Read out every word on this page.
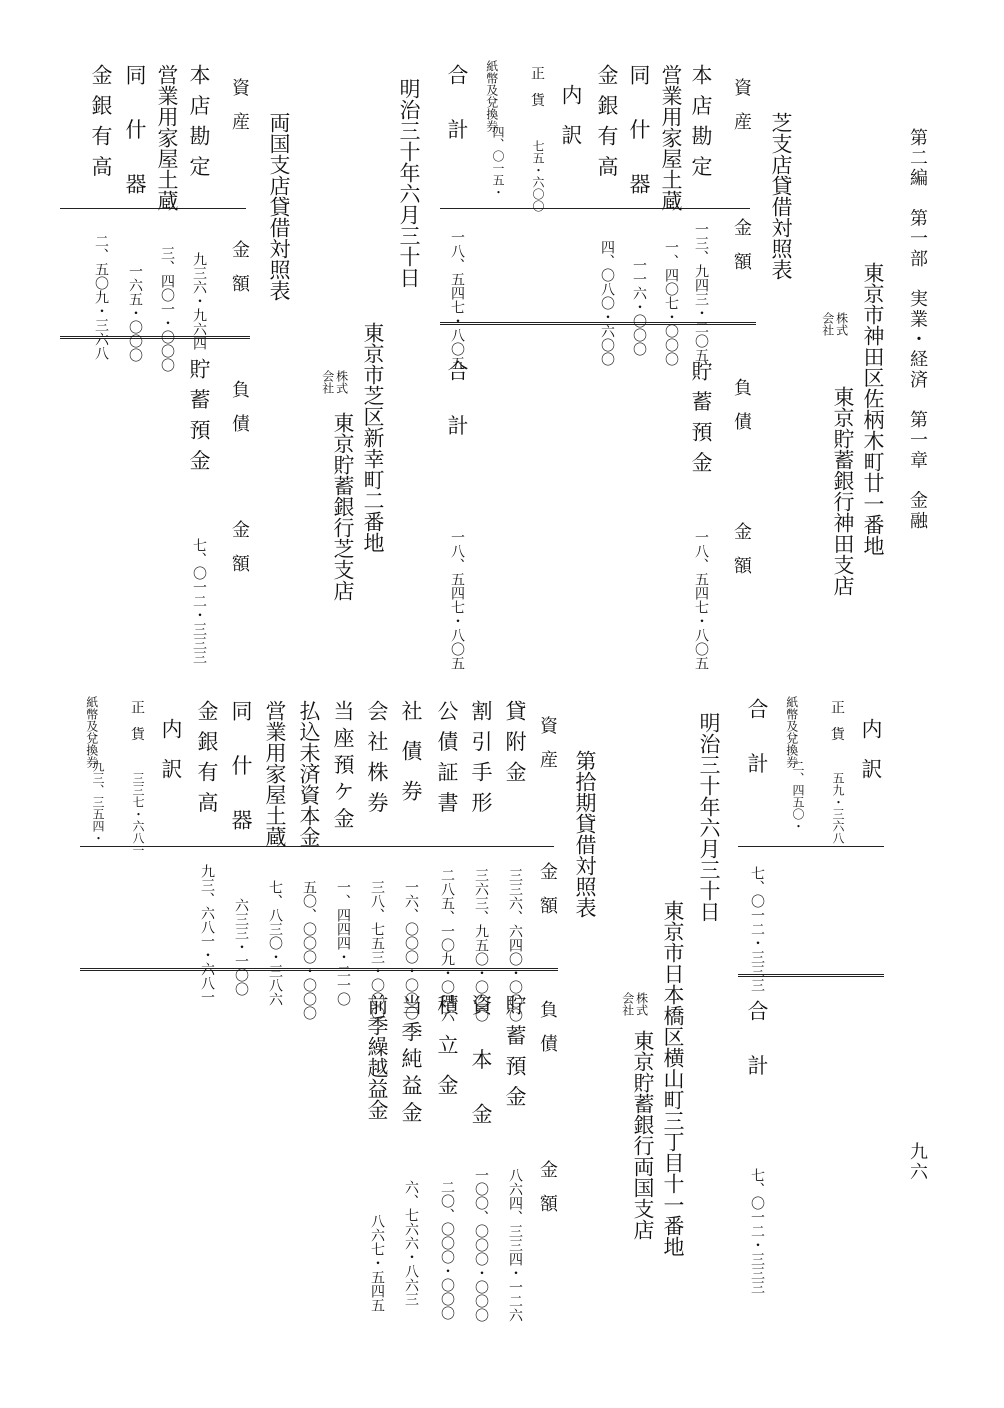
第二編　第一部　実業・経済　第一章　金融
九六
東京市神田区佐柄木町廿一番地
株式
会社
東京貯蓄銀行神田支店
芝支店貸借対照表
資産
金額
負債
金額
本店勘定
一三、九四三・二〇五
営業用家屋土蔵
一、四〇七・〇〇〇
同什器
一一六・〇〇〇
金銀有高
四、〇八〇・六〇〇
内訳
正貨
七五・六〇〇
紙幣及
兌換券
四、〇一五・
合計
一八、五四七・八〇五
貯蓄預金
一八、五四七・八〇五
合計
一八、五四七・八〇五
明治三十年六月三十日
東京市芝区新幸町二番地
株式
会社
東京貯蓄銀行芝支店
両国支店貸借対照表
資産
金額
負債
金額
本店勘定
九三六・九六四
営業用家屋土蔵
三、四〇一・〇〇〇
同什器
一六五・〇〇〇
金銀有高
二、五〇九・三六八
貯蓄預金
七、〇一二・三三三
内訳
正貨
五九・三六八
紙幣及
兌換券
二、四五〇・
合計
七、〇一二・三三三
合計
七、〇一二・三三三
明治三十年六月三十日
東京市日本橋区横山町三丁目十一番地
株式
会社
東京貯蓄銀行両国支店
第拾期貸借対照表
資産
金額
負債
金額
貸附金
三三六、六四〇・〇〇〇
割引手形
三六三、九五〇・〇〇〇
公債証書
二八五、一〇九・〇四六
社債券
一六、〇〇〇・〇〇〇
会社株券
三八、七五三・〇〇〇
当座預ケ金
一、四四四・二一〇
払込未済資本金
五〇、〇〇〇・〇〇〇
営業用家屋土蔵
七、八三〇・三八六
同什器
六三三・一〇〇
金銀有高
九三、六八一・六八一
内訳
正貨
三三七・六八一
紙幣及
兌換券
九三、三五四・
貯蓄預金
八六四、三三四・一二六
資本金
一〇〇、〇〇〇・〇〇〇
積立金
二〇、〇〇〇・〇〇〇
当季純益金
六、七六六・八六三
前季繰越益金
八六七・五四五
